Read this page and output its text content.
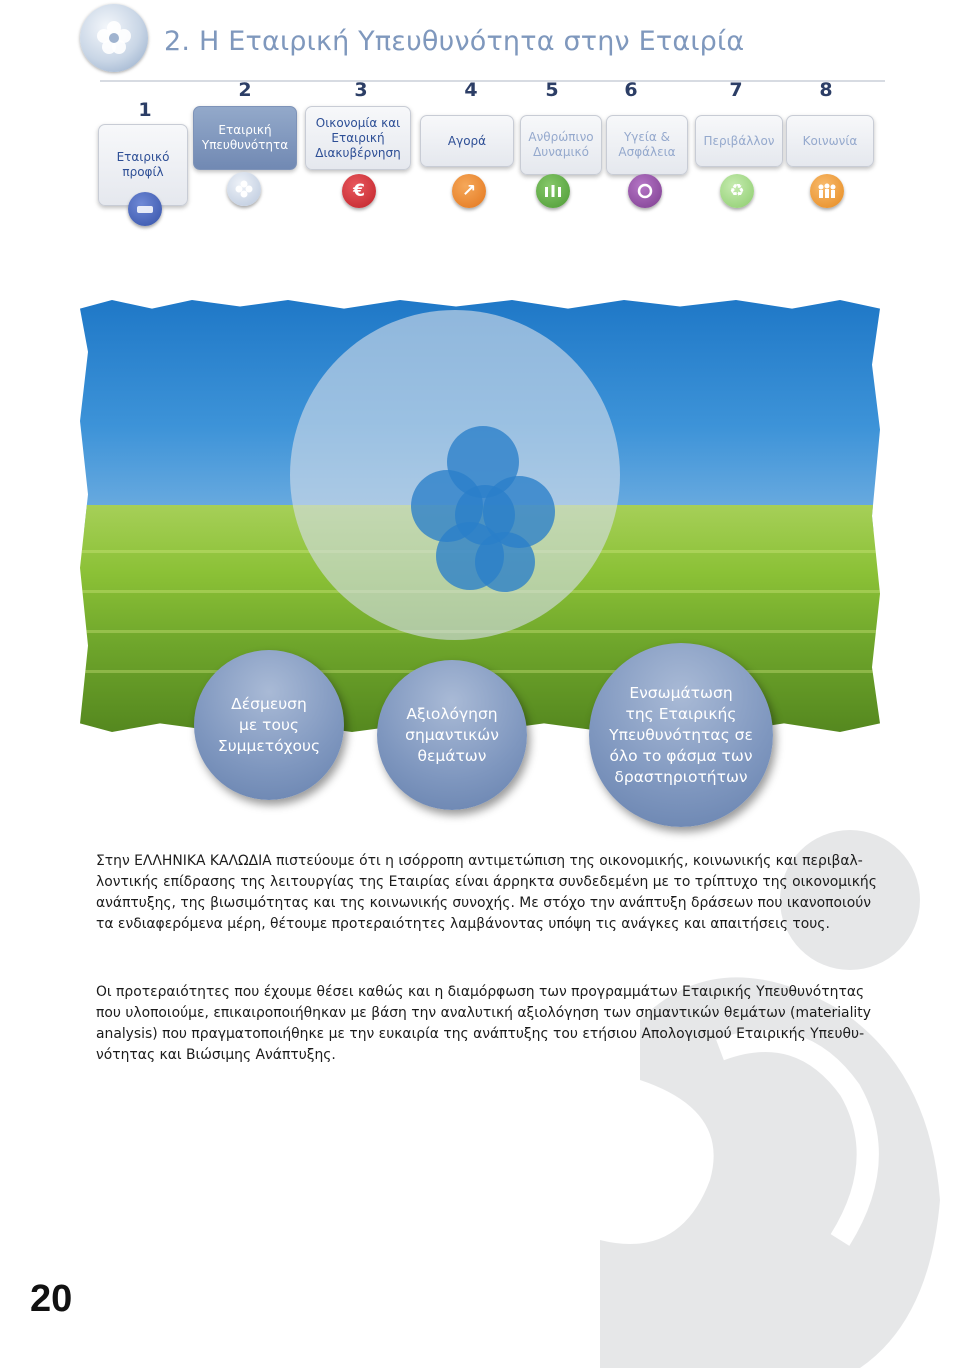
2. Η Εταιρική Υπευθυνότητα στην Εταιρία
1
2	3	4	5	6	7	8
Εταιρικό
προφίλ
Εταιρική
Υπευθυνότητα
Οικονομία και
Εταιρική
Διακυβέρνηση
Αγορά	Ανθρώπινο
Δυναμικό
Υγεία &
Ασφάλεια
Περιβάλλον Κοινωνία
€	↗	♻
Δέσμευση
με τους
Συμμετόχους
Αξιολόγηση
σημαντικών
θεμάτων
Ενσωμάτωση
της Εταιρικής
Υπευθυνότητας σε
όλο το φάσμα των
δραστηριοτήτων
Στην ΕΛΛΗΝΙΚΑ ΚΑΛΩΔΙΑ πιστεύουμε ότι η ισόρροπη αντιμετώπιση της οικονομικής, κοινωνικής και περιβαλ-
λοντικής επίδρασης της λειτουργίας της Εταιρίας είναι άρρηκτα συνδεδεμένη με το τρίπτυχο της οικονομικής
ανάπτυξης, της βιωσιμότητας και της κοινωνικής συνοχής. Με στόχο την ανάπτυξη δράσεων που ικανοποιούν
τα ενδιαφερόμενα μέρη, θέτουμε προτεραιότητες λαμβάνοντας υπόψη τις ανάγκες και απαιτήσεις τους.
Οι προτεραιότητες που έχουμε θέσει καθώς και η διαμόρφωση των προγραμμάτων Εταιρικής Υπευθυνότητας
που υλοποιούμε, επικαιροποιήθηκαν με βάση την αναλυτική αξιολόγηση των σημαντικών θεμάτων (materiality
analysis) που πραγματοποιήθηκε με την ευκαιρία της ανάπτυξης του ετήσιου Απολογισμού Εταιρικής Υπευθυ-
νότητας και Βιώσιμης Ανάπτυξης.
20
